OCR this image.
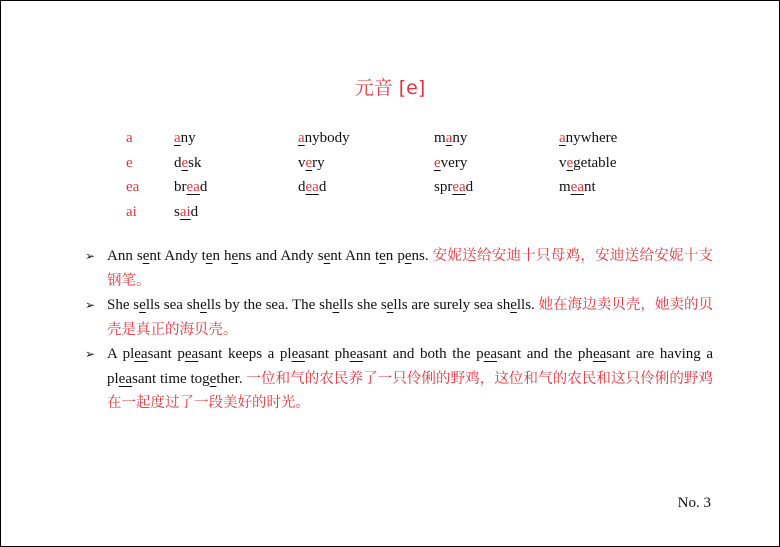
元音 [e]
a	any	anybody	many	anywhere
e	desk	very	every	vegetable
ea	bread	dead	spread	meant
ai	said
➢ Ann sent Andy ten hens and Andy sent Ann ten pens. 安妮送给安迪十只母鸡，安迪送给安妮十支钢笔。
➢ She sells sea shells by the sea. The shells she sells are surely sea shells. 她在海边卖贝壳，她卖的贝壳是真正的海贝壳。
➢ A pleasant peasant keeps a pleasant pheasant and both the peasant and the pheasant are having a pleasant time together. 一位和气的农民养了一只伶俐的野鸡，这位和气的农民和这只伶俐的野鸡在一起度过了一段美好的时光。
No. 3
